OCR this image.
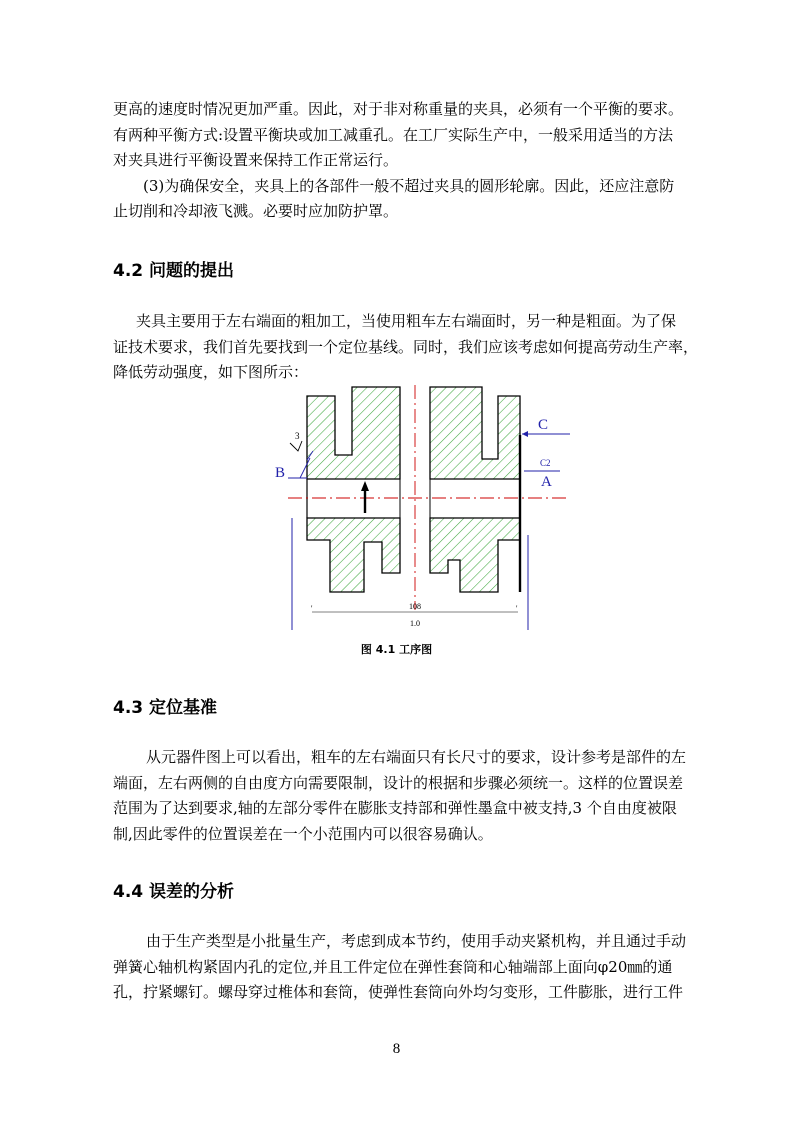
更高的速度时情况更加严重。因此，对于非对称重量的夹具，必须有一个平衡的要求。
有两种平衡方式:设置平衡块或加工减重孔。在工厂实际生产中，一般采用适当的方法
对夹具进行平衡设置来保持工作正常运行。
(3)为确保安全，夹具上的各部件一般不超过夹具的圆形轮廓。因此，还应注意防
止切削和冷却液飞溅。必要时应加防护罩。
4.2 问题的提出
夹具主要用于左右端面的粗加工，当使用粗车左右端面时，另一种是粗面。为了保
证技术要求，我们首先要找到一个定位基线。同时，我们应该考虑如何提高劳动生产率，
降低劳动强度，如下图所示：
B
3
C
C2
A
108
1.0
'	'
图 4.1 工序图
4.3 定位基准
从元器件图上可以看出，粗车的左右端面只有长尺寸的要求，设计参考是部件的左
端面，左右两侧的自由度方向需要限制，设计的根据和步骤必须统一。这样的位置误差
范围为了达到要求,轴的左部分零件在膨胀支持部和弹性墨盒中被支持,3 个自由度被限
制,因此零件的位置误差在一个小范围内可以很容易确认。
4.4 误差的分析
由于生产类型是小批量生产，考虑到成本节约，使用手动夹紧机构，并且通过手动
弹簧心轴机构紧固内孔的定位,并且工件定位在弹性套筒和心轴端部上面向φ20㎜的通
孔，拧紧螺钉。螺母穿过椎体和套筒，使弹性套筒向外均匀变形，工件膨胀，进行工件
8
